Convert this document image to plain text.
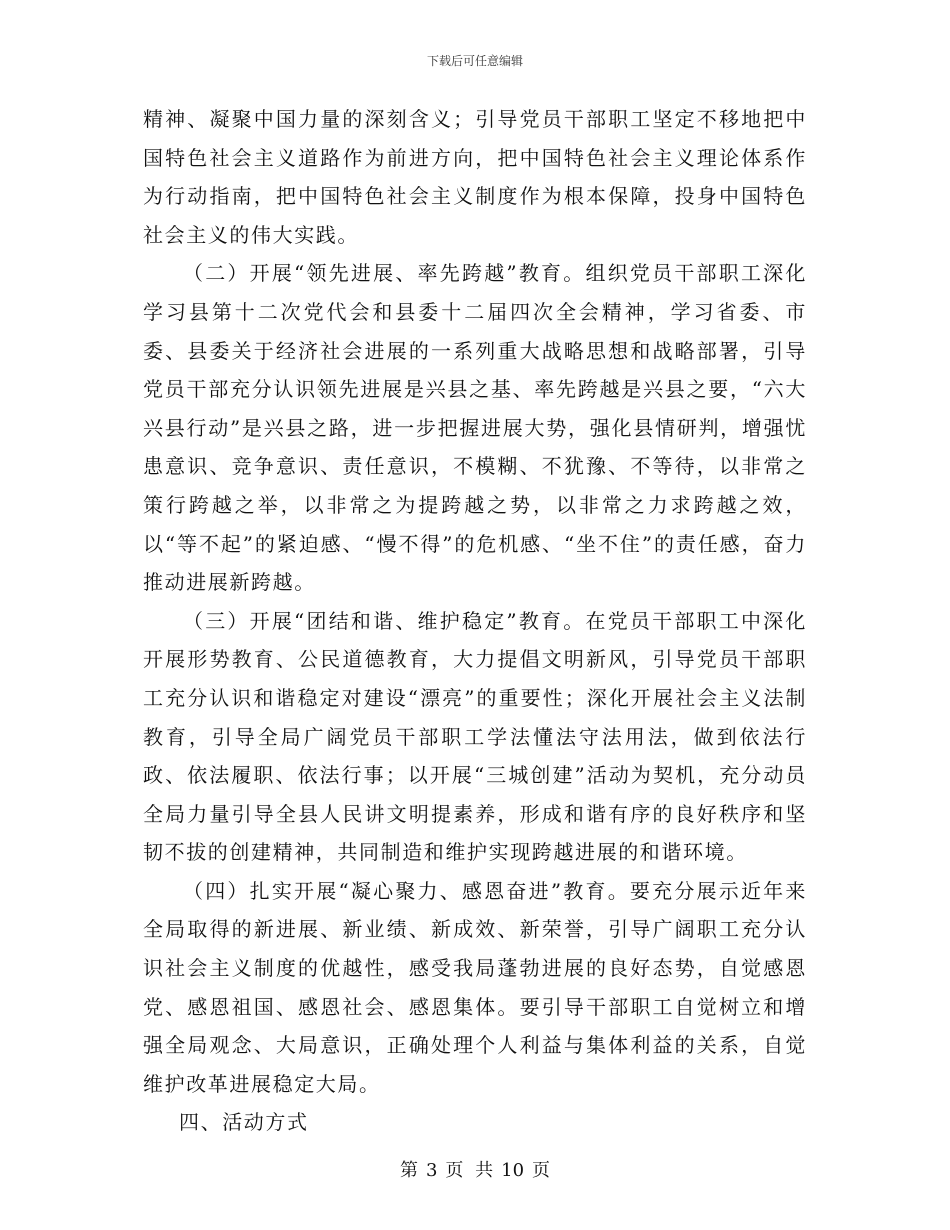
下载后可任意编辑

精神、凝聚中国力量的深刻含义；引导党员干部职工坚定不移地把中国特色社会主义道路作为前进方向，把中国特色社会主义理论体系作为行动指南，把中国特色社会主义制度作为根本保障，投身中国特色社会主义的伟大实践。

（二）开展“领先进展、率先跨越”教育。组织党员干部职工深化学习县第十二次党代会和县委十二届四次全会精神，学习省委、市委、县委关于经济社会进展的一系列重大战略思想和战略部署，引导党员干部充分认识领先进展是兴县之基、率先跨越是兴县之要，“六大兴县行动”是兴县之路，进一步把握进展大势，强化县情研判，增强忧患意识、竞争意识、责任意识，不模糊、不犹豫、不等待，以非常之策行跨越之举，以非常之为提跨越之势，以非常之力求跨越之效，以“等不起”的紧迫感、“慢不得”的危机感、“坐不住”的责任感，奋力推动进展新跨越。

（三）开展“团结和谐、维护稳定”教育。在党员干部职工中深化开展形势教育、公民道德教育，大力提倡文明新风，引导党员干部职工充分认识和谐稳定对建设“漂亮”的重要性；深化开展社会主义法制教育，引导全局广阔党员干部职工学法懂法守法用法，做到依法行政、依法履职、依法行事；以开展“三城创建”活动为契机，充分动员全局力量引导全县人民讲文明提素养，形成和谐有序的良好秩序和坚韧不拔的创建精神，共同制造和维护实现跨越进展的和谐环境。

（四）扎实开展“凝心聚力、感恩奋进”教育。要充分展示近年来全局取得的新进展、新业绩、新成效、新荣誉，引导广阔职工充分认识社会主义制度的优越性，感受我局蓬勃进展的良好态势，自觉感恩党、感恩祖国、感恩社会、感恩集体。要引导干部职工自觉树立和增强全局观念、大局意识，正确处理个人利益与集体利益的关系，自觉维护改革进展稳定大局。

四、活动方式

第 3 页 共 10 页
